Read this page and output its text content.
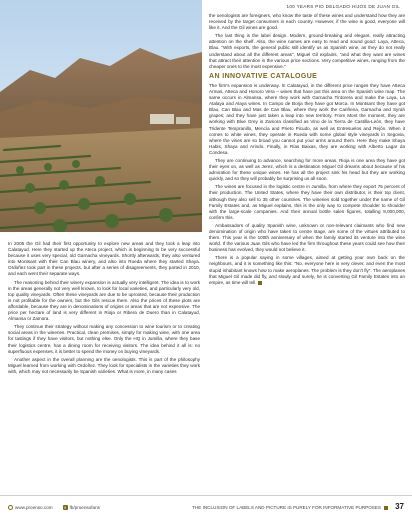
100 YEARS PIO DELGADO HIJOS DE JUAN GIL

In 2005 the Gil had their first opportunity to explore new areas and they took a leap into Calatayud. Here they started up the Ateca project, which is beginning to be very successful because it uses very special, old Garnacha vineyards. Shortly afterwards, they also ventured into Montsant with their Can Blau winery, and also into Rueda where they started Shaya. Ordoñez took part in these projects, but after a series of disagreements, they parted in 2010, and each went their separate ways.

The reasoning behind their winery expansion is actually very intelligent. The idea is to work in the areas generally not very well known, to look for local varieties, and particularly very old, top quality vineyards. Often these vineyards are due to be uprooted, because their production is not profitable for the owners, but the Gils rescue them. Also the prices of these plots are affordable, because they are in denominations of origins or areas that are not expensive. The price per hectare of land is very different in Rioja or Ribera de Duero than in Calatayud, Almansa or Zamora.

They continue their strategy without making any concession to wine tourism or to creating social areas in the wineries. Practical, clean premises, simply for making wine, with one area for tastings if they have visitors, but nothing else. Only the HQ in Jumilla, where they base their logistics centre, has a dining room for receiving visitors. The idea behind it all is: no superfluous expenses, it is better to spend the money on buying vineyards.

Another aspect in the overall planning are the oenologists. This is part of the philosophy Miguel learned from working with Ordoñez. They look for specialists in the varieties they work with, which may not necessarily be Spanish varieties. What is more, in many cases

the oenologists are foreigners, who know the taste of these wines and understand how they are received by the target consumers in each country. However, if the wine is good, everyone will like it. And the Gil wines are good.

The last thing is the label design. Modern, ground-breaking and elegant, really attracting attention on the shelf. Also, the wine names are easy to read and sound good: Laya, Atteca, Blau. "With exports, the general public still identify us as Spanish wine, as they do not really understand about all the different areas", Miguel Gil explains, "and what they want are wines that attract their attention in the various price sections. Very competitive wines, ranging from the cheaper ones to the most expensive."

AN INNOVATIVE CATALOGUE

The firm's expansion is underway. In Calatayud, in the different price ranges they have Atteca Armas, Atteca and Honoro Vera – wines that have put this area on the Spanish wine map. The same occurs in Almansa, where they work with Garnacha Tintorera and make the Laya, La Atalaya and Alaya wines. In Campo de Borja they have got Morca. In Montsant they have got Blau, Can Blau and Mas de Can Blau, where they work the Cariñena, Garnacha and Syrah grapes; and they have just taken a leap into new territory. From Mont the moment, they are working with Blue Grey in Zamora classified as Vino de la Tierra de Castilla-León, they have Tridente Tempranillo, Mencía and Prieto Picudo, as well as Entresuelos and Rejón. When it comes to white wines, they operate in Rueda with some global style vineyards in Segovia, where the vines are so broad you cannot put your arms around them. Here they make Shaya Habis, Shaya and Arindo. Finally, in Rías Baixas, they are working with Alberto Lagar da Condesa.

They are continuing to advance, searching for more areas. Rioja is one area they have got their eyes on, as well as Jerez, which is a destination Miguel Gil dreams about because of his admiration for these unique wines. He has all the project sink his head but they are working quickly, and so they will probably be surprising us all soon.

The wines are focused in the logistic centre in Jumilla, from where they export 75 percent of their production. The United States, where they have their own distributor, is their top client, although they also sell to 35 other countries. The wineries sold together under the name of Gil Family Estates and, as Miguel explains, this is the only way to compete shoulder to shoulder with the large-scale companies. And their annual bottle sales figures, totalling 8,000,000, confirm this.

Ambassadors of quality Spanish wine, unknown or non-relevant claimants who find new denomination of origin who have taken to centre stage, are some of the virtues attributed to them. This year is the 100th anniversary of when the family started its venture into the wine world. If the various Juan Gils who have led the firm throughout these years could see how their business has evolved, they would not believe it.

There is a popular saying in some villages, aimed at getting your own back on the neighbours, and it is something like this: "No, everyone here is very clever, and even the most stupid inhabitant knows how to make aeroplanes. The problem is they don't fly". The aeroplanes that Miguel Gil made did fly, and slowly and surely, he is converting Gil Family Estates into an empire, as time will tell.

www.proenso.com	f fb/proensofans	THE INCLUSION OF LABELS AND PICTURE IS PURELY FOR INFORMATIVE PURPOSES 37
